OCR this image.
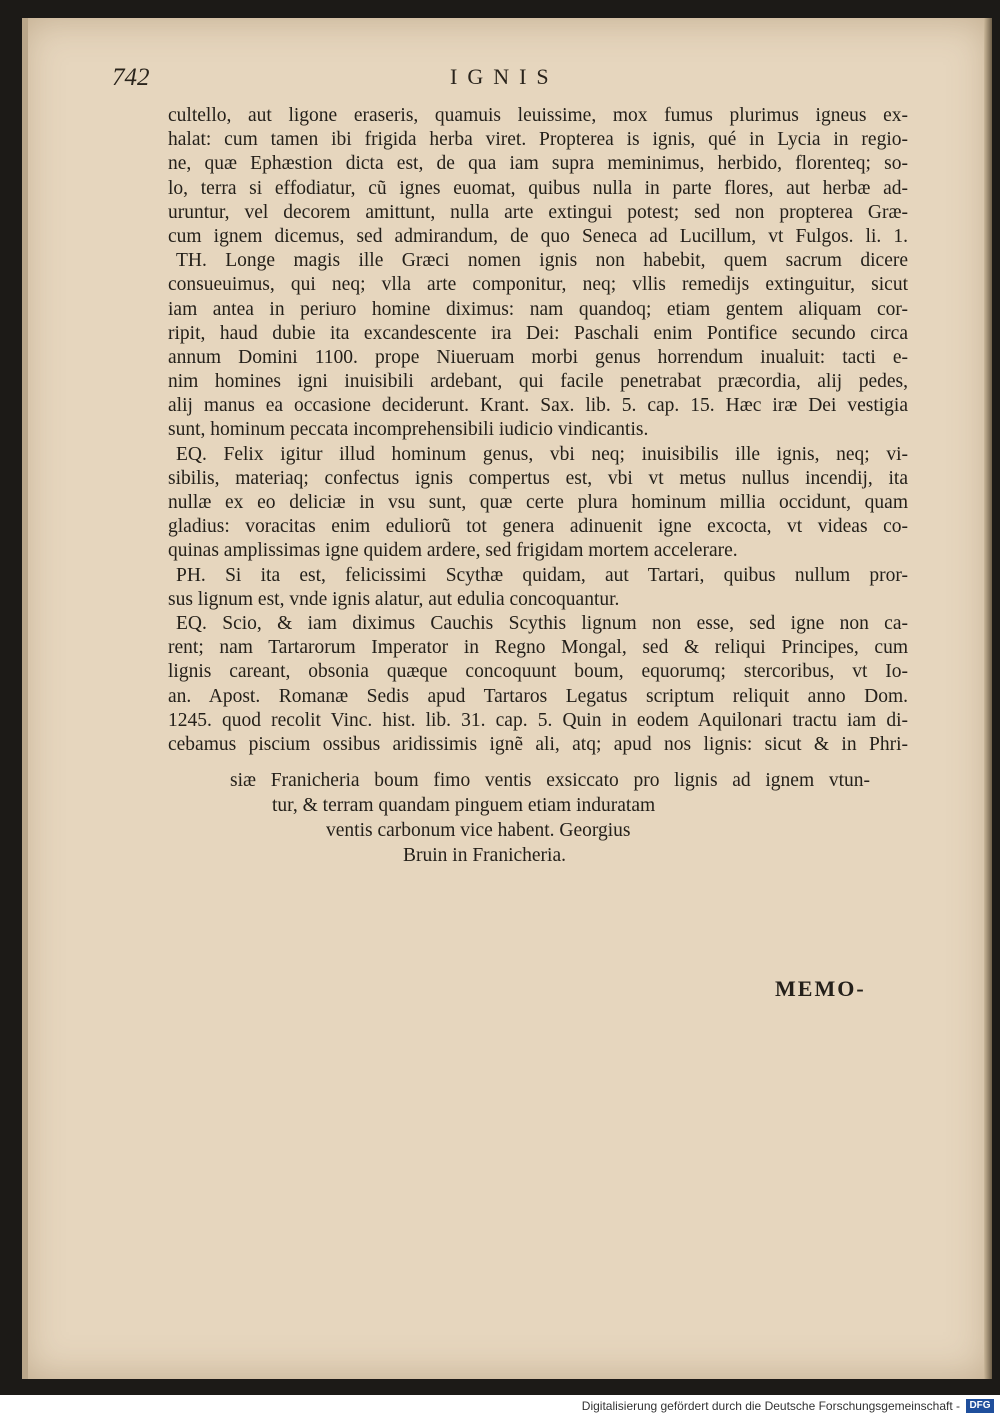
742	IGNIS
cultello, aut ligone eraseris, quamuis leuissime, mox fumus plurimus igneus ex-
halat: cum tamen ibi frigida herba viret. Propterea is ignis, qué in Lycia in regio-
ne, quæ Ephæstion dicta est, de qua iam supra meminimus, herbido, florenteq; so-
lo, terra si effodiatur, cũ ignes euomat, quibus nulla in parte flores, aut herbæ ad-
uruntur, vel decorem amittunt, nulla arte extingui potest; sed non propterea Græ-
cum ignem dicemus, sed admirandum, de quo Seneca ad Lucillum, vt Fulgos. li. 1.
TH. Longe magis ille Græci nomen ignis non habebit, quem sacrum dicere
consueuimus, qui neq; vlla arte componitur, neq; vllis remedijs extinguitur, sicut
iam antea in periuro homine diximus: nam quandoq; etiam gentem aliquam cor-
ripit, haud dubie ita excandescente ira Dei: Paschali enim Pontifice secundo circa
annum Domini 1100. prope Niueruam morbi genus horrendum inualuit: tacti e-
nim homines igni inuisibili ardebant, qui facile penetrabat præcordia, alij pedes,
alij manus ea occasione deciderunt. Krant. Sax. lib. 5. cap. 15. Hæc iræ Dei vestigia
sunt, hominum peccata incomprehensibili iudicio vindicantis.
EQ. Felix igitur illud hominum genus, vbi neq; inuisibilis ille ignis, neq; vi-
sibilis, materiaq; confectus ignis compertus est, vbi vt metus nullus incendij, ita
nullæ ex eo deliciæ in vsu sunt, quæ certe plura hominum millia occidunt, quam
gladius: voracitas enim eduliorũ tot genera adinuenit igne excocta, vt videas co-
quinas amplissimas igne quidem ardere, sed frigidam mortem accelerare.
PH. Si ita est, felicissimi Scythæ quidam, aut Tartari, quibus nullum pror-
sus lignum est, vnde ignis alatur, aut edulia concoquantur.
EQ. Scio, & iam diximus Cauchis Scythis lignum non esse, sed igne non ca-
rent; nam Tartarorum Imperator in Regno Mongal, sed & reliqui Principes, cum
lignis careant, obsonia quæque concoquunt boum, equorumq; stercoribus, vt Io-
an. Apost. Romanæ Sedis apud Tartaros Legatus scriptum reliquit anno Dom.
1245. quod recolit Vinc. hist. lib. 31. cap. 5. Quin in eodem Aquilonari tractu iam di-
cebamus piscium ossibus aridissimis ignẽ ali, atq; apud nos lignis: sicut & in Phri-
siæ Franicheria boum fimo ventis exsiccato pro lignis ad ignem vtun-
tur, & terram quandam pinguem etiam induratam
ventis carbonum vice habent. Georgius
Bruin in Franicheria.
MEMO-
Digitalisierung gefördert durch die Deutsche Forschungsgemeinschaft - DFG
